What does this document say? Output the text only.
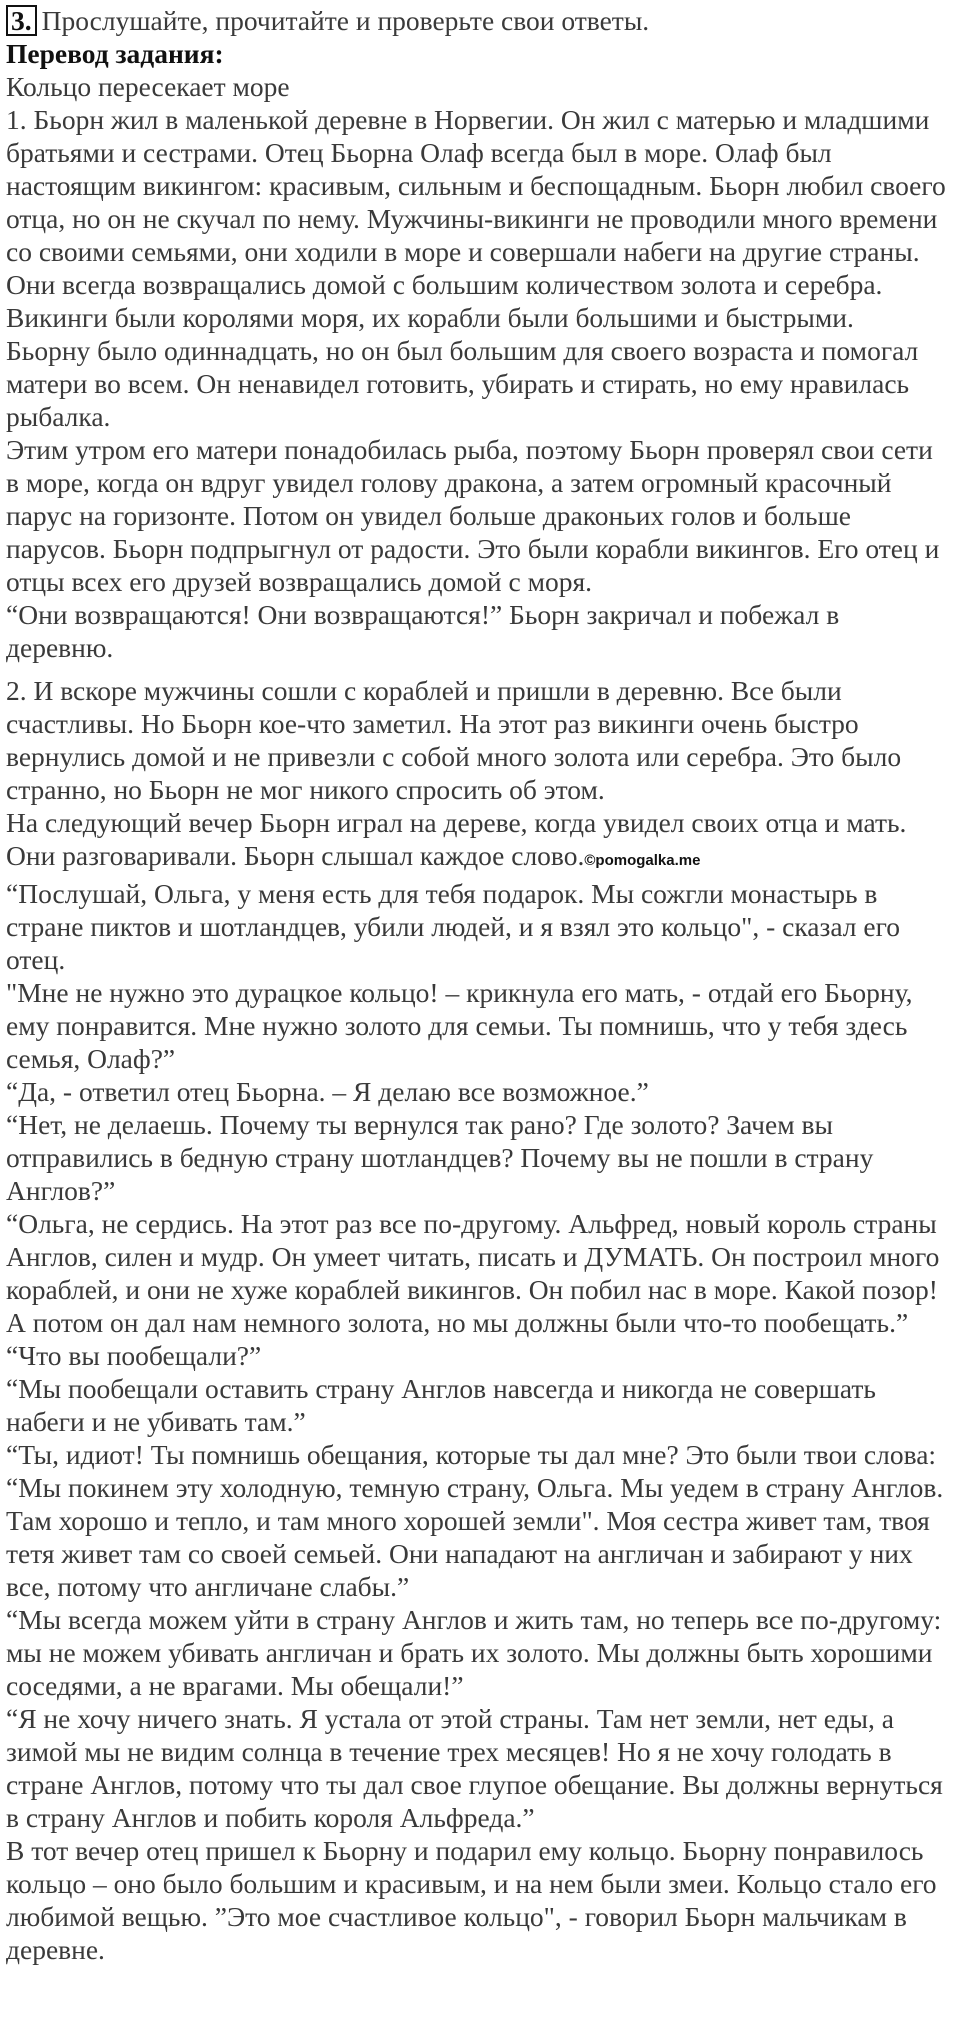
3. Прослушайте, прочитайте и проверьте свои ответы.
Перевод задания:
Кольцо пересекает море

1. Бьорн жил в маленькой деревне в Норвегии. Он жил с матерью и младшими братьями и сестрами. Отец Бьорна Олаф всегда был в море. Олаф был настоящим викингом: красивым, сильным и беспощадным. Бьорн любил своего отца, но он не скучал по нему. Мужчины-викинги не проводили много времени со своими семьями, они ходили в море и совершали набеги на другие страны. Они всегда возвращались домой с большим количеством золота и серебра. Викинги были королями моря, их корабли были большими и быстрыми.

Бьорну было одиннадцать, но он был большим для своего возраста и помогал матери во всем. Он ненавидел готовить, убирать и стирать, но ему нравилась рыбалка.

Этим утром его матери понадобилась рыба, поэтому Бьорн проверял свои сети в море, когда он вдруг увидел голову дракона, а затем огромный красочный парус на горизонте. Потом он увидел больше драконьих голов и больше парусов. Бьорн подпрыгнул от радости. Это были корабли викингов. Его отец и отцы всех его друзей возвращались домой с моря.

“Они возвращаются! Они возвращаются!” Бьорн закричал и побежал в деревню.

2. И вскоре мужчины сошли с кораблей и пришли в деревню. Все были счастливы. Но Бьорн кое-что заметил. На этот раз викинги очень быстро вернулись домой и не привезли с собой много золота или серебра. Это было странно, но Бьорн не мог никого спросить об этом.

На следующий вечер Бьорн играл на дереве, когда увидел своих отца и мать. Они разговаривали. Бьорн слышал каждое слово.©pomogalka.me

“Послушай, Ольга, у меня есть для тебя подарок. Мы сожгли монастырь в стране пиктов и шотландцев, убили людей, и я взял это кольцо", - сказал его отец.

"Мне не нужно это дурацкое кольцо! – крикнула его мать, - отдай его Бьорну, ему понравится. Мне нужно золото для семьи. Ты помнишь, что у тебя здесь семья, Олаф?”

“Да, - ответил отец Бьорна. – Я делаю все возможное.”

“Нет, не делаешь. Почему ты вернулся так рано? Где золото? Зачем вы отправились в бедную страну шотландцев? Почему вы не пошли в страну Англов?”

“Ольга, не сердись. На этот раз все по-другому. Альфред, новый король страны Англов, силен и мудр. Он умеет читать, писать и ДУМАТЬ. Он построил много кораблей, и они не хуже кораблей викингов. Он побил нас в море. Какой позор! А потом он дал нам немного золота, но мы должны были что-то пообещать.”

“Что вы пообещали?”

“Мы пообещали оставить страну Англов навсегда и никогда не совершать набеги и не убивать там.”

“Ты, идиот! Ты помнишь обещания, которые ты дал мне? Это были твои слова: “Мы покинем эту холодную, темную страну, Ольга. Мы уедем в страну Англов. Там хорошо и тепло, и там много хорошей земли". Моя сестра живет там, твоя тетя живет там со своей семьей. Они нападают на англичан и забирают у них все, потому что англичане слабы.”

“Мы всегда можем уйти в страну Англов и жить там, но теперь все по-другому: мы не можем убивать англичан и брать их золото. Мы должны быть хорошими соседями, а не врагами. Мы обещали!”

“Я не хочу ничего знать. Я устала от этой страны. Там нет земли, нет еды, а зимой мы не видим солнца в течение трех месяцев! Но я не хочу голодать в стране Англов, потому что ты дал свое глупое обещание. Вы должны вернуться в страну Англов и побить короля Альфреда.”

В тот вечер отец пришел к Бьорну и подарил ему кольцо. Бьорну понравилось кольцо – оно было большим и красивым, и на нем были змеи. Кольцо стало его любимой вещью. ”Это мое счастливое кольцо", - говорил Бьорн мальчикам в деревне.
